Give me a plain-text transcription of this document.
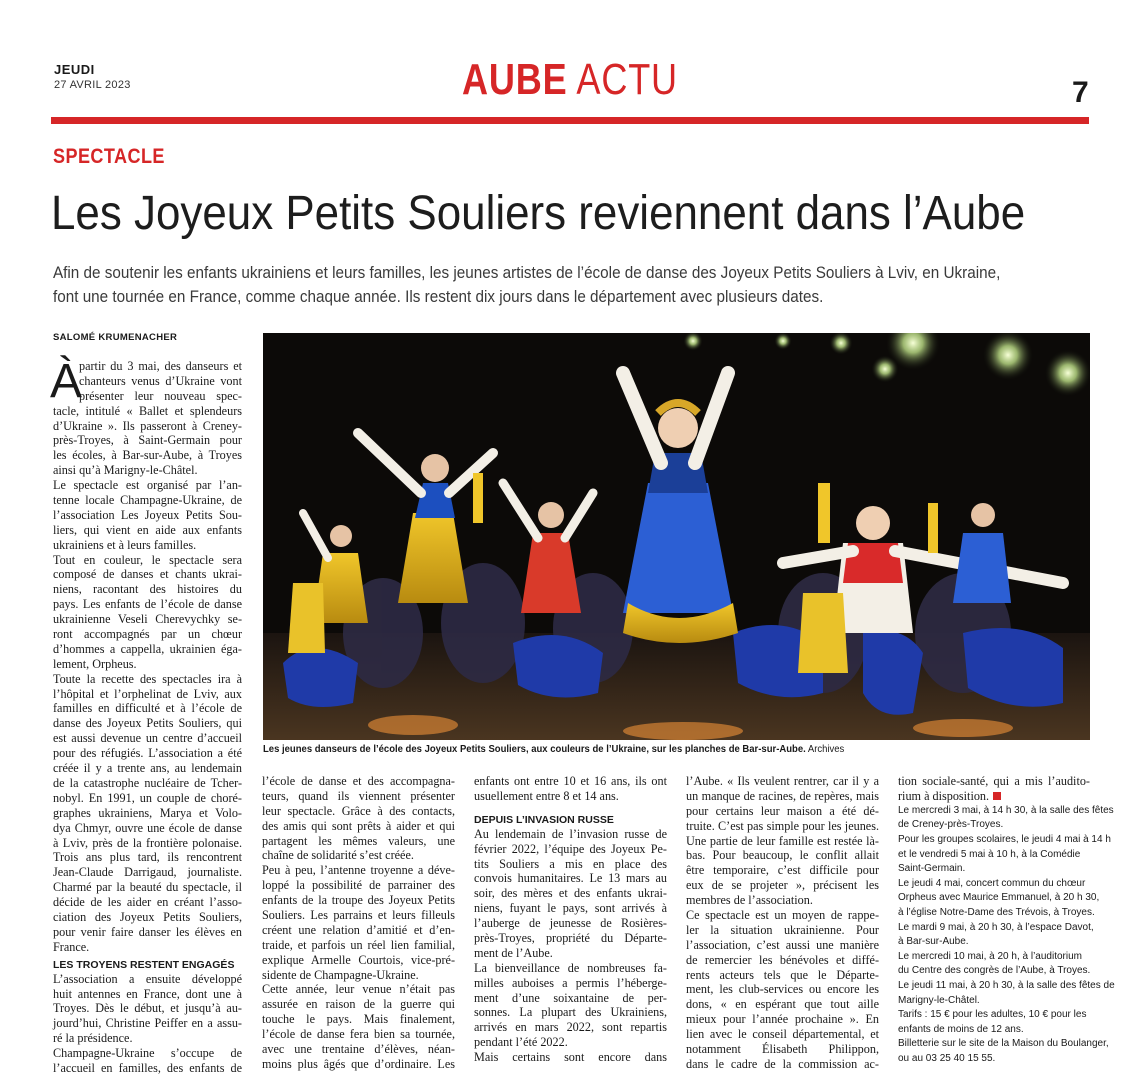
JEUDI
27 AVRIL 2023	AUBE ACTU	7
SPECTACLE
Les Joyeux Petits Souliers reviennent dans l’Aube
Afin de soutenir les enfants ukrainiens et leurs familles, les jeunes artistes de l’école de danse des Joyeux Petits Souliers à Lviv, en Ukraine,
font une tournée en France, comme chaque année. Ils restent dix jours dans le département avec plusieurs dates.
SALOMÉ KRUMENACHER
À
partir du 3 mai, des danseurs et
chanteurs venus d’Ukraine vont
présenter leur nouveau spec-
tacle, intitulé « Ballet et splendeurs
d’Ukraine ». Ils passeront à Creney-
près-Troyes, à Saint-Germain pour
les écoles, à Bar-sur-Aube, à Troyes
ainsi qu’à Marigny-le-Châtel.
Le spectacle est organisé par l’an-
tenne locale Champagne-Ukraine, de
l’association Les Joyeux Petits Sou-
liers, qui vient en aide aux enfants
ukrainiens et à leurs familles.
Tout en couleur, le spectacle sera
composé de danses et chants ukrai-
niens, racontant des histoires du
pays. Les enfants de l’école de danse
ukrainienne Veseli Cherevychky se-
ront accompagnés par un chœur
d’hommes a cappella, ukrainien éga-
lement, Orpheus.
Toute la recette des spectacles ira à
l’hôpital et l’orphelinat de Lviv, aux
familles en difficulté et à l’école de
danse des Joyeux Petits Souliers, qui
est aussi devenue un centre d’accueil
pour des réfugiés. L’association a été
créée il y a trente ans, au lendemain
de la catastrophe nucléaire de Tcher-
nobyl. En 1991, un couple de choré-
graphes ukrainiens, Marya et Volo-
dya Chmyr, ouvre une école de danse
à Lviv, près de la frontière polonaise.
Trois ans plus tard, ils rencontrent
Jean-Claude Darrigaud, journaliste.
Charmé par la beauté du spectacle, il
décide de les aider en créant l’asso-
ciation des Joyeux Petits Souliers,
pour venir faire danser les élèves en
France.
LES TROYENS RESTENT ENGAGÉS
L’association a ensuite développé
huit antennes en France, dont une à
Troyes. Dès le début, et jusqu’à au-
jourd’hui, Christine Peiffer en a assu-
ré la présidence.
Champagne-Ukraine s’occupe de
l’accueil en familles, des enfants de
Les jeunes danseurs de l’école des Joyeux Petits Souliers, aux couleurs de l’Ukraine, sur les planches de Bar-sur-Aube. Archives
l’école de danse et des accompagna-
teurs, quand ils viennent présenter
leur spectacle. Grâce à des contacts,
des amis qui sont prêts à aider et qui
partagent les mêmes valeurs, une
chaîne de solidarité s’est créée.
Peu à peu, l’antenne troyenne a déve-
loppé la possibilité de parrainer des
enfants de la troupe des Joyeux Petits
Souliers. Les parrains et leurs filleuls
créent une relation d’amitié et d’en-
traide, et parfois un réel lien familial,
explique Armelle Courtois, vice-pré-
sidente de Champagne-Ukraine.
Cette année, leur venue n’était pas
assurée en raison de la guerre qui
touche le pays. Mais finalement,
l’école de danse fera bien sa tournée,
avec une trentaine d’élèves, néan-
moins plus âgés que d’ordinaire. Les
enfants ont entre 10 et 16 ans, ils ont
usuellement entre 8 et 14 ans.
DEPUIS L’INVASION RUSSE
Au lendemain de l’invasion russe de
février 2022, l’équipe des Joyeux Pe-
tits Souliers a mis en place des
convois humanitaires. Le 13 mars au
soir, des mères et des enfants ukrai-
niens, fuyant le pays, sont arrivés à
l’auberge de jeunesse de Rosières-
près-Troyes, propriété du Départe-
ment de l’Aube.
La bienveillance de nombreuses fa-
milles auboises a permis l’héberge-
ment d’une soixantaine de per-
sonnes. La plupart des Ukrainiens,
arrivés en mars 2022, sont repartis
pendant l’été 2022.
Mais certains sont encore dans
l’Aube. « Ils veulent rentrer, car il y a
un manque de racines, de repères, mais
pour certains leur maison a été dé-
truite. C’est pas simple pour les jeunes.
Une partie de leur famille est restée là-
bas. Pour beaucoup, le conflit allait
être temporaire, c’est difficile pour
eux de se projeter », précisent les
membres de l’association.
Ce spectacle est un moyen de rappe-
ler la situation ukrainienne. Pour
l’association, c’est aussi une manière
de remercier les bénévoles et diffé-
rents acteurs tels que le Départe-
ment, les club-services ou encore les
dons, « en espérant que tout aille
mieux pour l’année prochaine ». En
lien avec le conseil départemental, et
notamment Élisabeth Philippon,
dans le cadre de la commission ac-
tion sociale-santé, qui a mis l’audito-
rium à disposition.
Le mercredi 3 mai, à 14 h 30, à la salle des fêtes
de Creney-près-Troyes.
Pour les groupes scolaires, le jeudi 4 mai à 14 h
et le vendredi 5 mai à 10 h, à la Comédie
Saint-Germain.
Le jeudi 4 mai, concert commun du chœur
Orpheus avec Maurice Emmanuel, à 20 h 30,
à l’église Notre-Dame des Trévois, à Troyes.
Le mardi 9 mai, à 20 h 30, à l’espace Davot,
à Bar-sur-Aube.
Le mercredi 10 mai, à 20 h, à l’auditorium
du Centre des congrès de l’Aube, à Troyes.
Le jeudi 11 mai, à 20 h 30, à la salle des fêtes de
Marigny-le-Châtel.
Tarifs : 15 € pour les adultes, 10 € pour les
enfants de moins de 12 ans.
Billetterie sur le site de la Maison du Boulanger,
ou au 03 25 40 15 55.
